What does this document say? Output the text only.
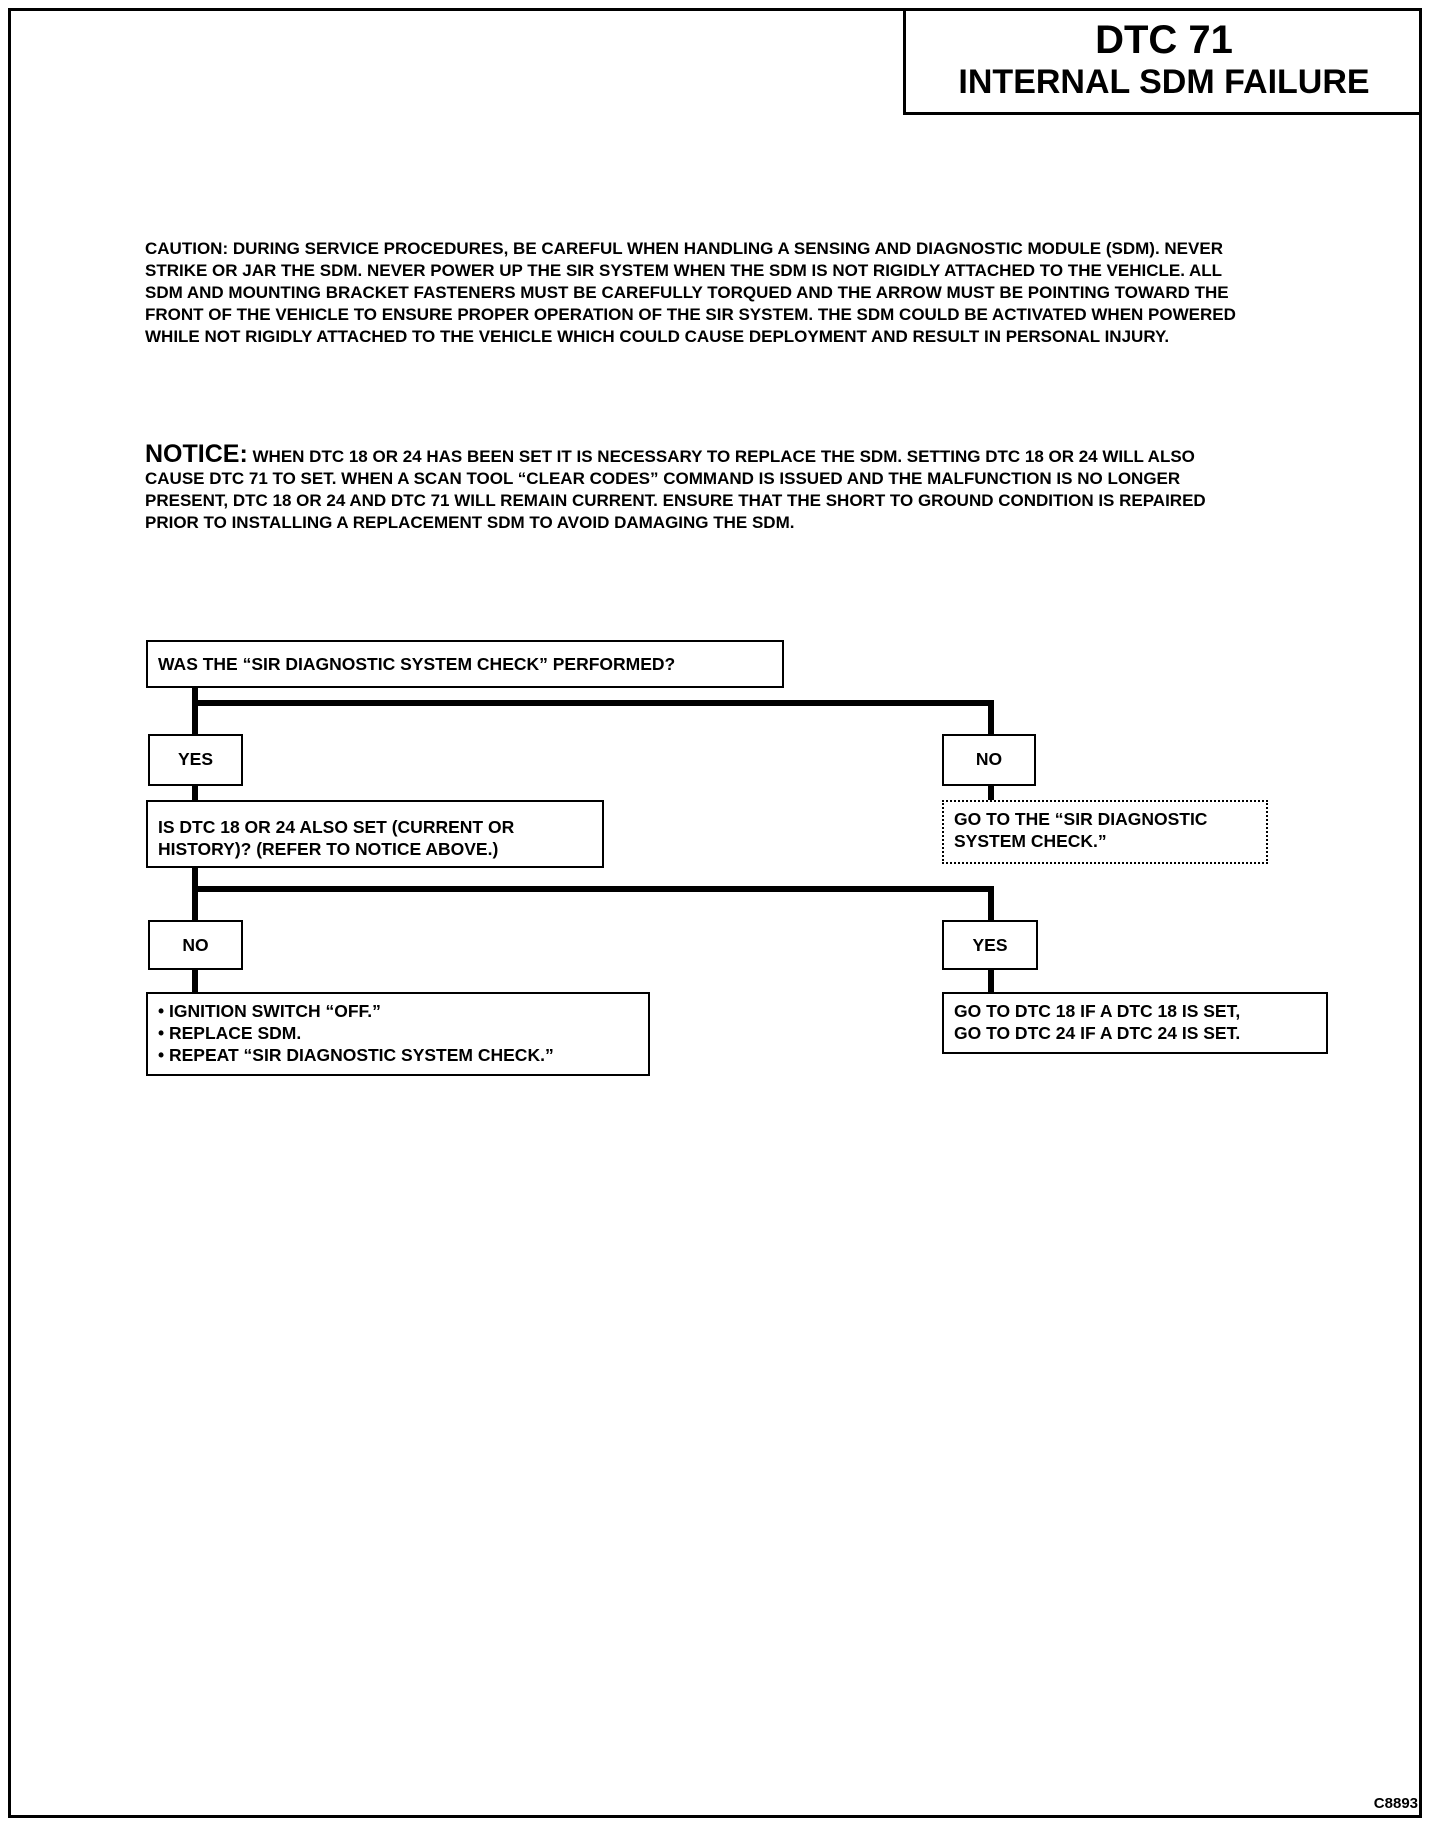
DTC 71
INTERNAL SDM FAILURE
CAUTION: DURING SERVICE PROCEDURES, BE CAREFUL WHEN HANDLING A SENSING AND DIAGNOSTIC MODULE (SDM). NEVER STRIKE OR JAR THE SDM. NEVER POWER UP THE SIR SYSTEM WHEN THE SDM IS NOT RIGIDLY ATTACHED TO THE VEHICLE. ALL SDM AND MOUNTING BRACKET FASTENERS MUST BE CAREFULLY TORQUED AND THE ARROW MUST BE POINTING TOWARD THE FRONT OF THE VEHICLE TO ENSURE PROPER OPERATION OF THE SIR SYSTEM. THE SDM COULD BE ACTIVATED WHEN POWERED WHILE NOT RIGIDLY ATTACHED TO THE VEHICLE WHICH COULD CAUSE DEPLOYMENT AND RESULT IN PERSONAL INJURY.
NOTICE: WHEN DTC 18 OR 24 HAS BEEN SET IT IS NECESSARY TO REPLACE THE SDM. SETTING DTC 18 OR 24 WILL ALSO CAUSE DTC 71 TO SET. WHEN A SCAN TOOL “CLEAR CODES” COMMAND IS ISSUED AND THE MALFUNCTION IS NO LONGER PRESENT, DTC 18 OR 24 AND DTC 71 WILL REMAIN CURRENT. ENSURE THAT THE SHORT TO GROUND CONDITION IS REPAIRED PRIOR TO INSTALLING A REPLACEMENT SDM TO AVOID DAMAGING THE SDM.
WAS THE “SIR DIAGNOSTIC SYSTEM CHECK” PERFORMED?
YES	NO
GO TO THE “SIR DIAGNOSTIC
SYSTEM CHECK.”
IS DTC 18 OR 24 ALSO SET (CURRENT OR
HISTORY)? (REFER TO NOTICE ABOVE.)
NO	YES
• IGNITION SWITCH “OFF.”
• REPLACE SDM.
• REPEAT “SIR DIAGNOSTIC SYSTEM CHECK.”
GO TO DTC 18 IF A DTC 18 IS SET,
GO TO DTC 24 IF A DTC 24 IS SET.
C8893
